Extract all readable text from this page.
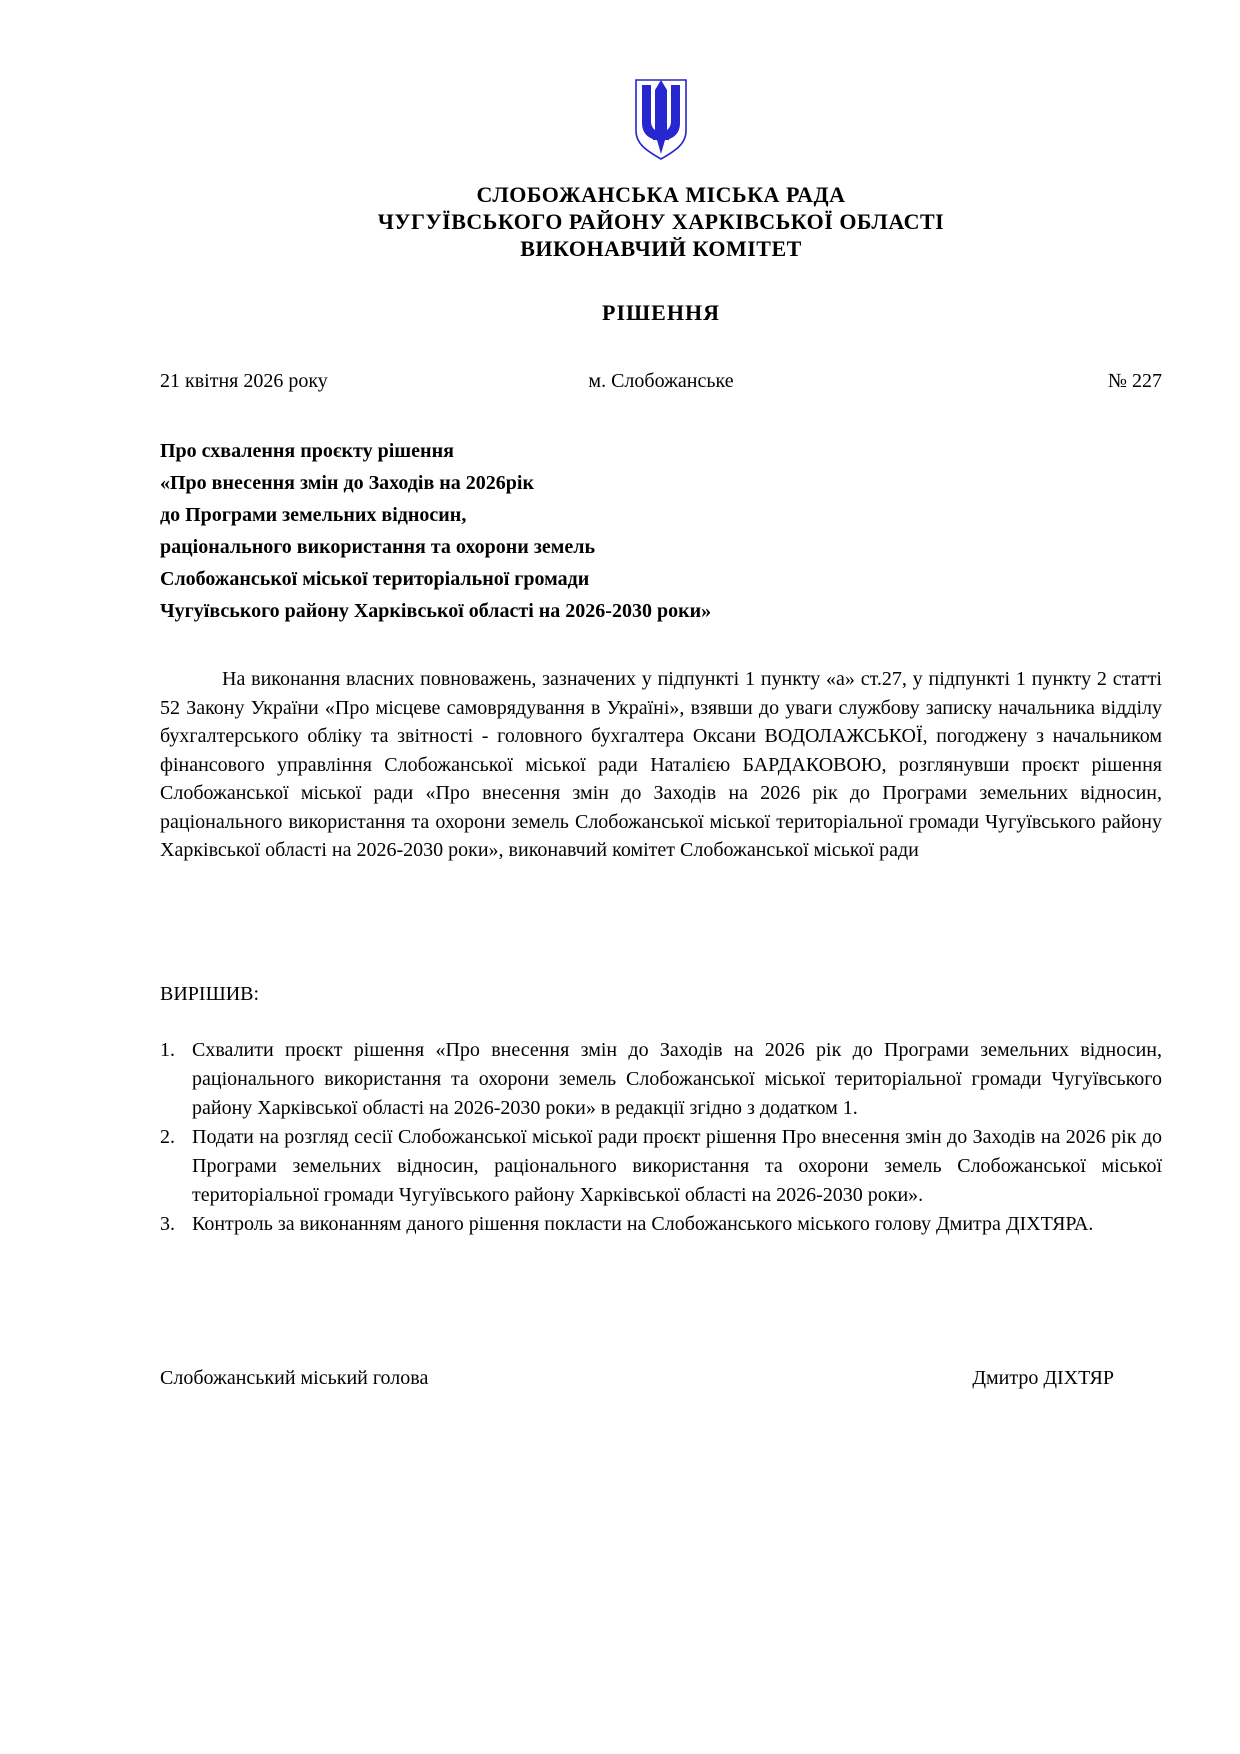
СЛОБОЖАНСЬКА МІСЬКА РАДА
ЧУГУЇВСЬКОГО РАЙОНУ ХАРКІВСЬКОЇ ОБЛАСТІ
ВИКОНАВЧИЙ КОМІТЕТ
РІШЕННЯ
21 квітня 2026 року	м. Слобожанське	№ 227
Про схвалення проєкту рішення
«Про внесення змін до Заходів на 2026рік
до Програми земельних відносин,
раціонального використання та охорони земель
Слобожанської міської територіальної громади
Чугуївського району Харківської області на 2026-2030 роки»
На виконання власних повноважень, зазначених у підпункті 1 пункту «а» ст.27, у підпункті 1 пункту 2 статті 52 Закону України «Про місцеве самоврядування в Україні», взявши до уваги службову записку начальника відділу бухгалтерського обліку та звітності - головного бухгалтера Оксани ВОДОЛАЖСЬКОЇ, погоджену з начальником фінансового управління Слобожанської міської ради Наталією БАРДАКОВОЮ, розглянувши проєкт рішення Слобожанської міської ради «Про внесення змін до Заходів на 2026 рік до Програми земельних відносин, раціонального використання та охорони земель Слобожанської міської територіальної громади Чугуївського району Харківської області на 2026-2030 роки», виконавчий комітет Слобожанської міської ради
ВИРІШИВ:
1. Схвалити проєкт рішення «Про внесення змін до Заходів на 2026 рік до Програми земельних відносин, раціонального використання та охорони земель Слобожанської міської територіальної громади Чугуївського району Харківської області на 2026-2030 роки» в редакції згідно з додатком 1.
2. Подати на розгляд сесії Слобожанської міської ради проєкт рішення Про внесення змін до Заходів на 2026 рік до Програми земельних відносин, раціонального використання та охорони земель Слобожанської міської територіальної громади Чугуївського району Харківської області на 2026-2030 роки».
3. Контроль за виконанням даного рішення покласти на Слобожанського міського голову Дмитра ДІХТЯРА.
Слобожанський міський голова	Дмитро ДІХТЯР
